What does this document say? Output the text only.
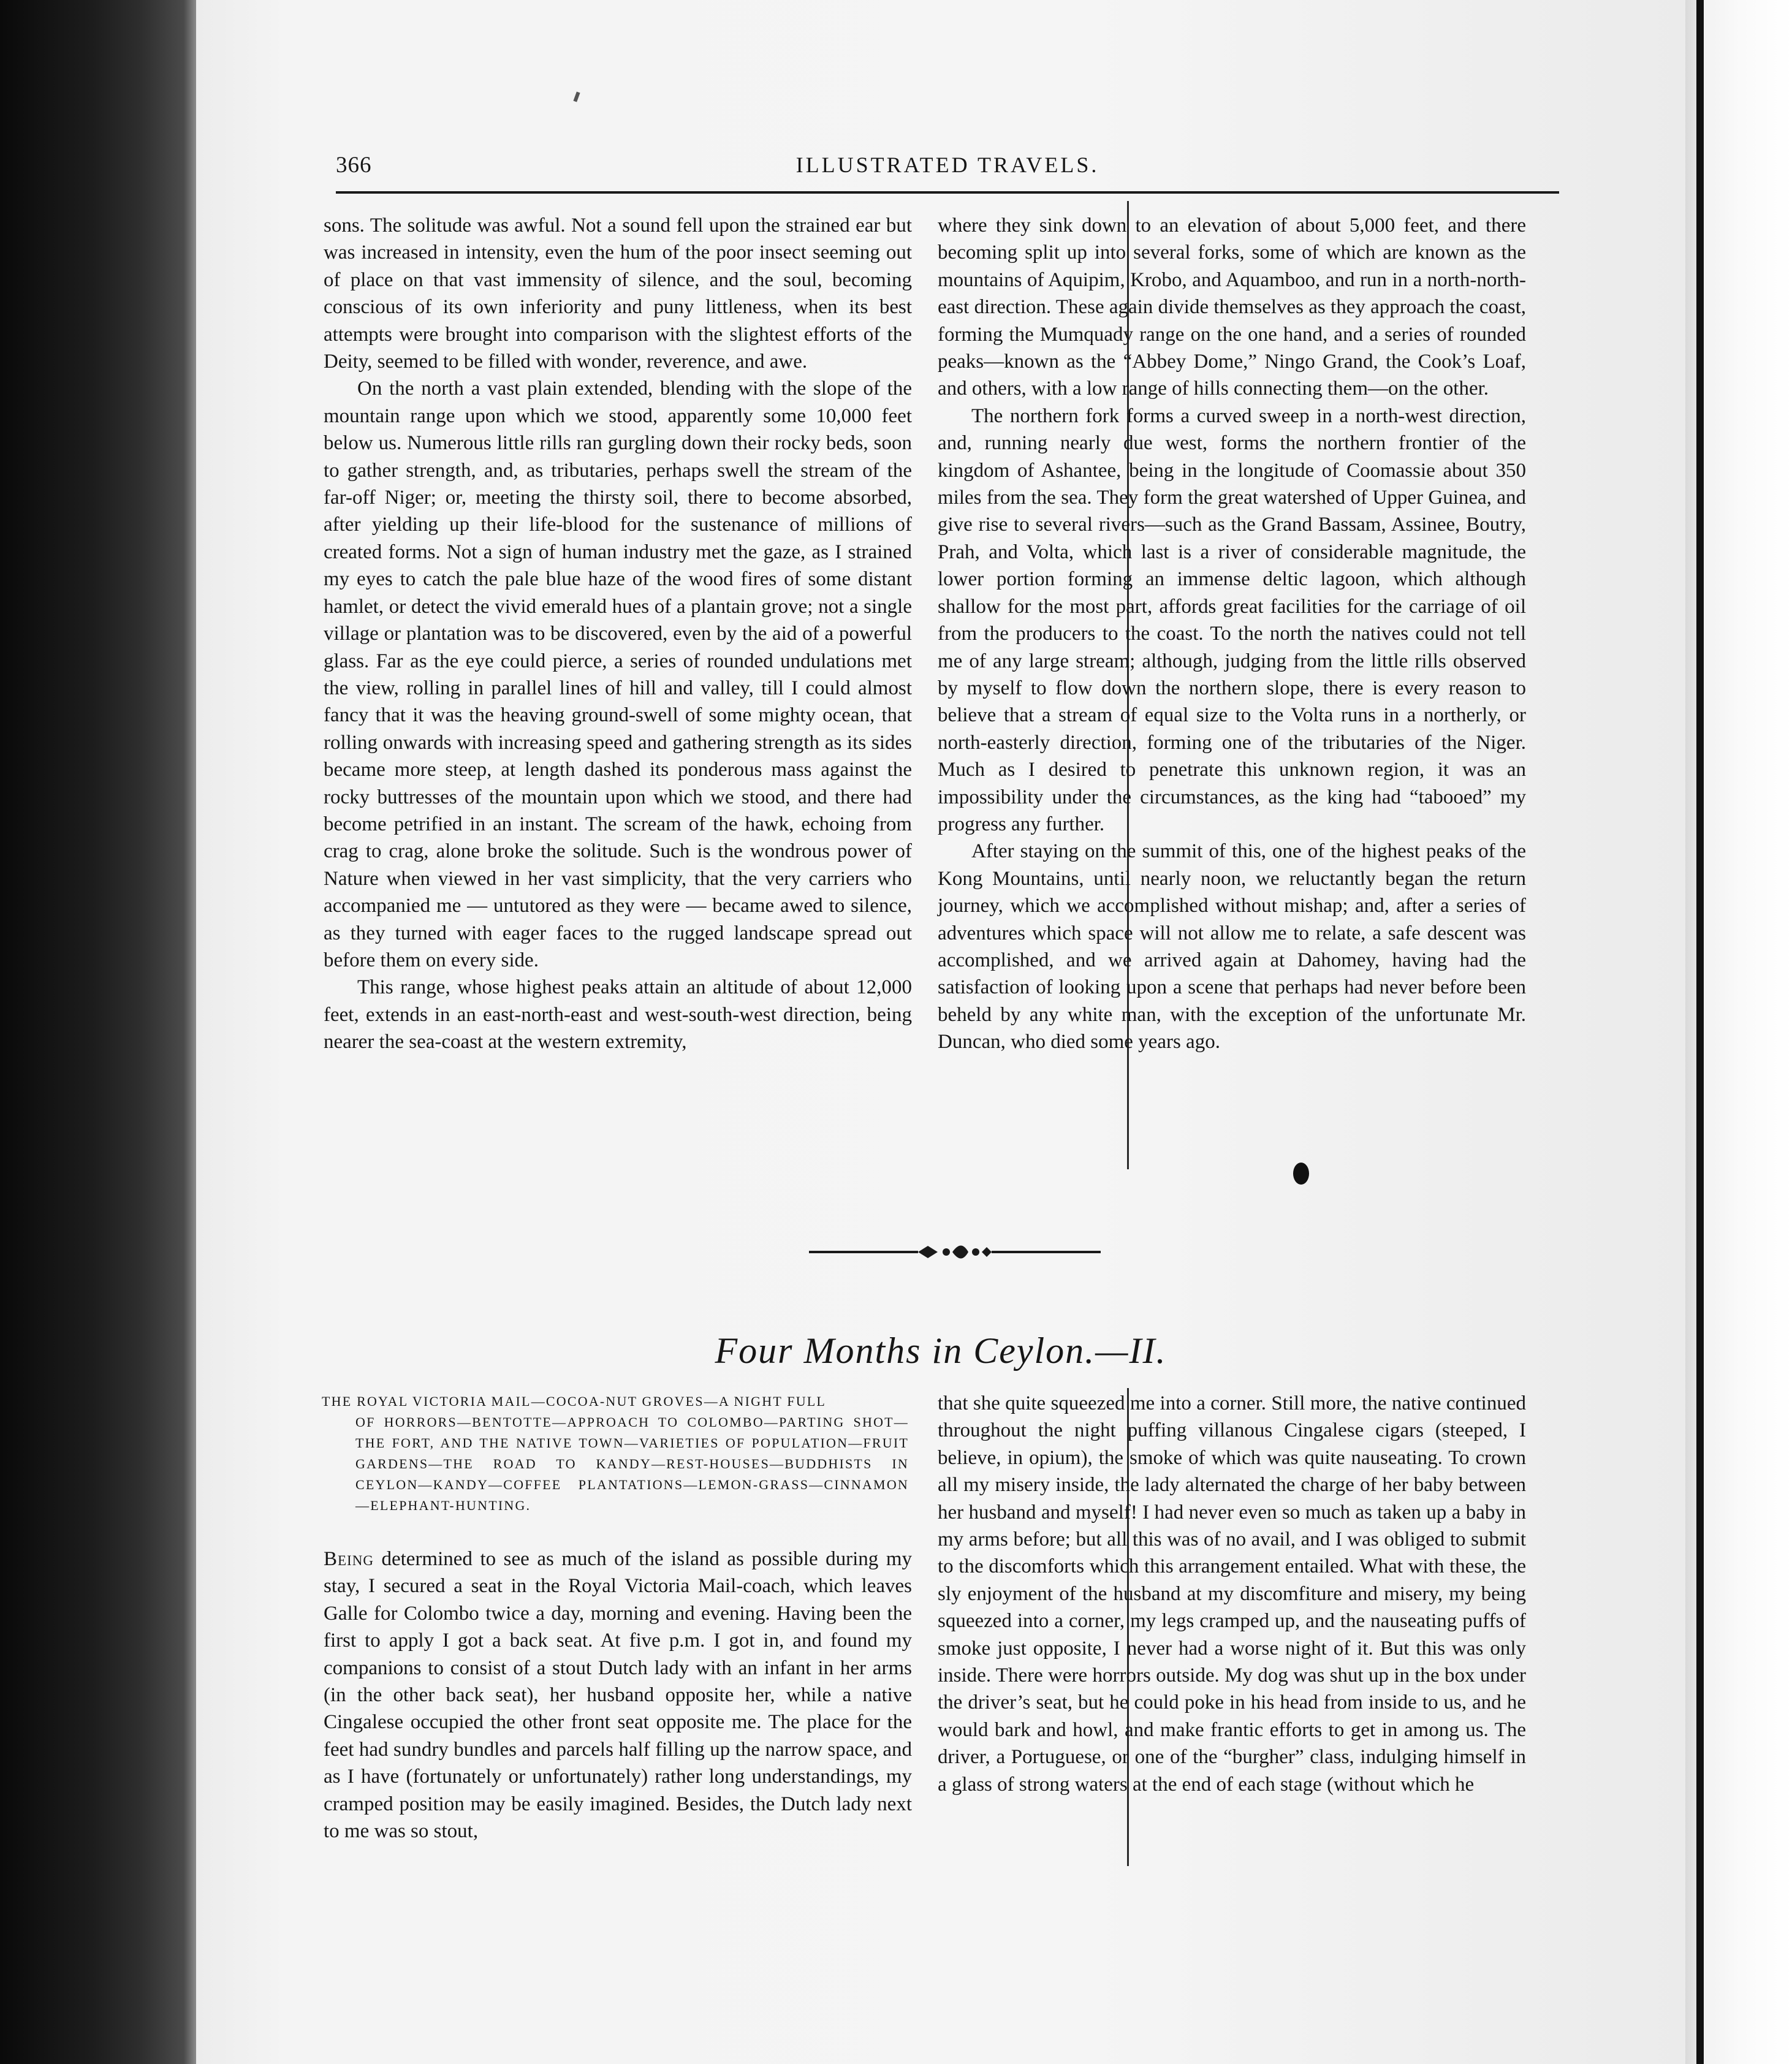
366	ILLUSTRATED TRAVELS.

sons. The solitude was awful. Not a sound fell upon the strained ear but was increased in intensity, even the hum of the poor insect seeming out of place on that vast immensity of silence, and the soul, becoming conscious of its own inferiority and puny littleness, when its best attempts were brought into comparison with the slightest efforts of the Deity, seemed to be filled with wonder, reverence, and awe.

On the north a vast plain extended, blending with the slope of the mountain range upon which we stood, apparently some 10,000 feet below us. Numerous little rills ran gurgling down their rocky beds, soon to gather strength, and, as tributaries, perhaps swell the stream of the far-off Niger; or, meeting the thirsty soil, there to become absorbed, after yielding up their life-blood for the sustenance of millions of created forms. Not a sign of human industry met the gaze, as I strained my eyes to catch the pale blue haze of the wood fires of some distant hamlet, or detect the vivid emerald hues of a plantain grove; not a single village or plantation was to be discovered, even by the aid of a powerful glass. Far as the eye could pierce, a series of rounded undulations met the view, rolling in parallel lines of hill and valley, till I could almost fancy that it was the heaving ground-swell of some mighty ocean, that rolling onwards with increasing speed and gathering strength as its sides became more steep, at length dashed its ponderous mass against the rocky buttresses of the mountain upon which we stood, and there had become petrified in an instant. The scream of the hawk, echoing from crag to crag, alone broke the solitude. Such is the wondrous power of Nature when viewed in her vast simplicity, that the very carriers who accompanied me — untutored as they were — became awed to silence, as they turned with eager faces to the rugged landscape spread out before them on every side.

This range, whose highest peaks attain an altitude of about 12,000 feet, extends in an east-north-east and west-south-west direction, being nearer the sea-coast at the western extremity,

where they sink down to an elevation of about 5,000 feet, and there becoming split up into several forks, some of which are known as the mountains of Aquipim, Krobo, and Aquamboo, and run in a north-north-east direction. These again divide themselves as they approach the coast, forming the Mumquady range on the one hand, and a series of rounded peaks—known as the “Abbey Dome,” Ningo Grand, the Cook’s Loaf, and others, with a low range of hills connecting them—on the other.

The northern fork forms a curved sweep in a north-west direction, and, running nearly due west, forms the northern frontier of the kingdom of Ashantee, being in the longitude of Coomassie about 350 miles from the sea. They form the great watershed of Upper Guinea, and give rise to several rivers—such as the Grand Bassam, Assinee, Boutry, Prah, and Volta, which last is a river of considerable magnitude, the lower portion forming an immense deltic lagoon, which although shallow for the most part, affords great facilities for the carriage of oil from the producers to the coast. To the north the natives could not tell me of any large stream; although, judging from the little rills observed by myself to flow down the northern slope, there is every reason to believe that a stream of equal size to the Volta runs in a northerly, or north-easterly direction, forming one of the tributaries of the Niger. Much as I desired to penetrate this unknown region, it was an impossibility under the circumstances, as the king had “tabooed” my progress any further.

After staying on the summit of this, one of the highest peaks of the Kong Mountains, until nearly noon, we reluctantly began the return journey, which we accomplished without mishap; and, after a series of adventures which space will not allow me to relate, a safe descent was accomplished, and we arrived again at Dahomey, having had the satisfaction of looking upon a scene that perhaps had never before been beheld by any white man, with the exception of the unfortunate Mr. Duncan, who died some years ago.

Four Months in Ceylon.—II.
THE ROYAL VICTORIA MAIL—COCOA-NUT GROVES—A NIGHT FULL
OF HORRORS—BENTOTTE—APPROACH TO COLOMBO—PARTING SHOT—THE FORT, AND THE NATIVE TOWN—VARIETIES OF POPULATION—FRUIT GARDENS—THE ROAD TO KANDY—REST-HOUSES—BUDDHISTS IN CEYLON—KANDY—COFFEE PLANTATIONS—LEMON-GRASS—CINNAMON—ELEPHANT-HUNTING.

Being determined to see as much of the island as possible during my stay, I secured a seat in the Royal Victoria Mail-coach, which leaves Galle for Colombo twice a day, morning and evening. Having been the first to apply I got a back seat. At five p.m. I got in, and found my companions to consist of a stout Dutch lady with an infant in her arms (in the other back seat), her husband opposite her, while a native Cingalese occupied the other front seat opposite me. The place for the feet had sundry bundles and parcels half filling up the narrow space, and as I have (fortunately or unfortunately) rather long understandings, my cramped position may be easily imagined. Besides, the Dutch lady next to me was so stout,

that she quite squeezed me into a corner. Still more, the native continued throughout the night puffing villanous Cingalese cigars (steeped, I believe, in opium), the smoke of which was quite nauseating. To crown all my misery inside, the lady alternated the charge of her baby between her husband and myself! I had never even so much as taken up a baby in my arms before; but all this was of no avail, and I was obliged to submit to the discomforts which this arrangement entailed. What with these, the sly enjoyment of the husband at my discomfiture and misery, my being squeezed into a corner, my legs cramped up, and the nauseating puffs of smoke just opposite, I never had a worse night of it. But this was only inside. There were horrors outside. My dog was shut up in the box under the driver’s seat, but he could poke in his head from inside to us, and he would bark and howl, and make frantic efforts to get in among us. The driver, a Portuguese, or one of the “burgher” class, indulging himself in a glass of strong waters at the end of each stage (without which he
